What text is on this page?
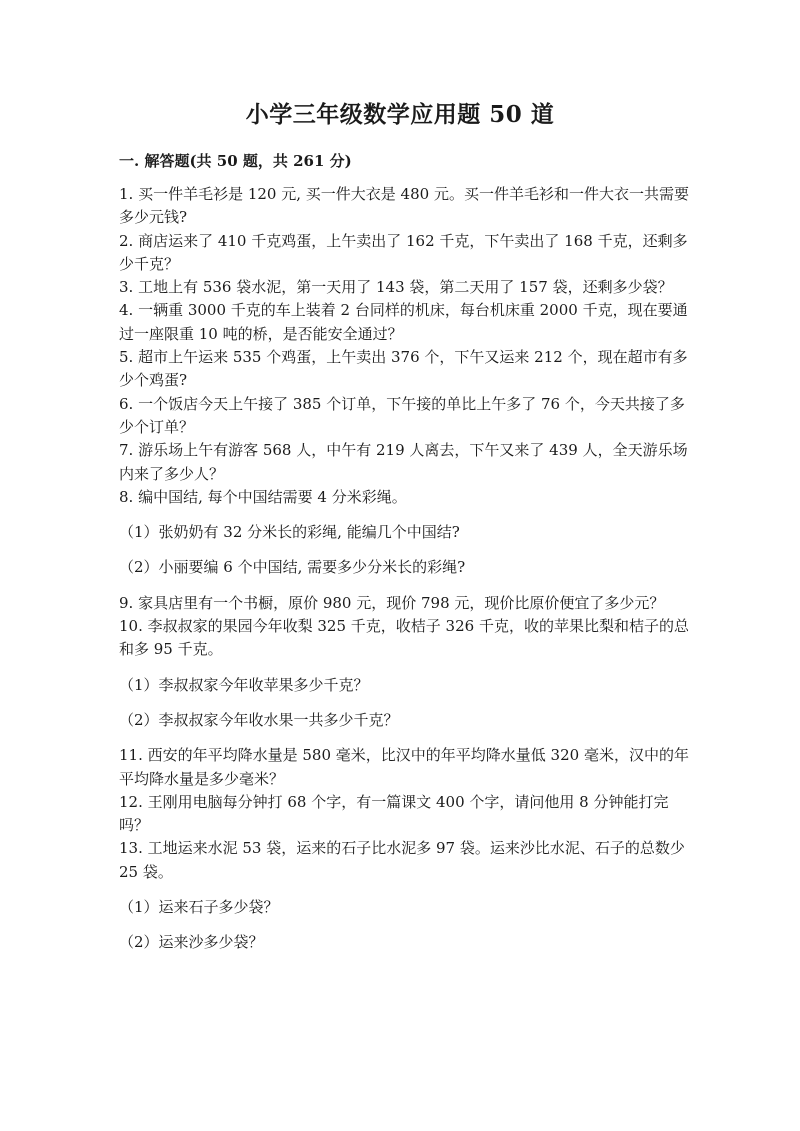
小学三年级数学应用题 50 道
一. 解答题(共 50 题，共 261 分)

1. 买一件羊毛衫是 120 元, 买一件大衣是 480 元。买一件羊毛衫和一件大衣一共需要多少元钱?

2. 商店运来了 410 千克鸡蛋，上午卖出了 162 千克，下午卖出了 168 千克，还剩多少千克？

3. 工地上有 536 袋水泥，第一天用了 143 袋，第二天用了 157 袋，还剩多少袋？

4. 一辆重 3000 千克的车上装着 2 台同样的机床，每台机床重 2000 千克，现在要通过一座限重 10 吨的桥，是否能安全通过？

5. 超市上午运来 535 个鸡蛋，上午卖出 376 个，下午又运来 212 个，现在超市有多少个鸡蛋?

6. 一个饭店今天上午接了 385 个订单，下午接的单比上午多了 76 个，今天共接了多少个订单？

7. 游乐场上午有游客 568 人，中午有 219 人离去，下午又来了 439 人，全天游乐场内来了多少人？

8. 编中国结, 每个中国结需要 4 分米彩绳。

（1）张奶奶有 32 分米长的彩绳, 能编几个中国结?

（2）小丽要编 6 个中国结, 需要多少分米长的彩绳?

9. 家具店里有一个书橱，原价 980 元，现价 798 元，现价比原价便宜了多少元？

10. 李叔叔家的果园今年收梨 325 千克，收桔子 326 千克，收的苹果比梨和桔子的总和多 95 千克。

（1）李叔叔家今年收苹果多少千克？

（2）李叔叔家今年收水果一共多少千克？

11. 西安的年平均降水量是 580 毫米，比汉中的年平均降水量低 320 毫米，汉中的年平均降水量是多少毫米？

12. 王刚用电脑每分钟打 68 个字，有一篇课文 400 个字，请问他用 8 分钟能打完吗？

13. 工地运来水泥 53 袋，运来的石子比水泥多 97 袋。运来沙比水泥、石子的总数少 25 袋。

（1）运来石子多少袋？

（2）运来沙多少袋？
